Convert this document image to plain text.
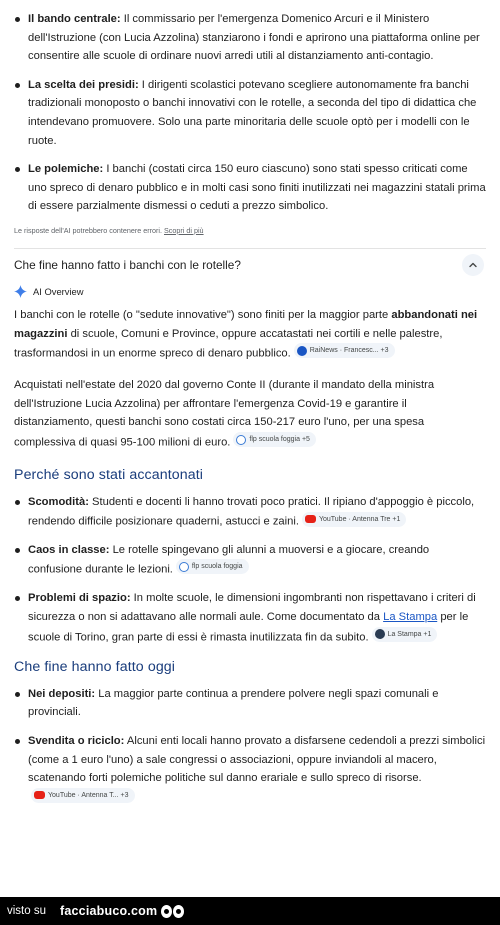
Il bando centrale: Il commissario per l'emergenza Domenico Arcuri e il Ministero dell'Istruzione (con Lucia Azzolina) stanziarono i fondi e aprirono una piattaforma online per consentire alle scuole di ordinare nuovi arredi utili al distanziamento anti-contagio.
La scelta dei presidi: I dirigenti scolastici potevano scegliere autonomamente fra banchi tradizionali monoposto o banchi innovativi con le rotelle, a seconda del tipo di didattica che intendevano promuovere. Solo una parte minoritaria delle scuole optò per i modelli con le ruote.
Le polemiche: I banchi (costati circa 150 euro ciascuno) sono stati spesso criticati come uno spreco di denaro pubblico e in molti casi sono finiti inutilizzati nei magazzini statali prima di essere parzialmente dismessi o ceduti a prezzo simbolico.
Le risposte dell'AI potrebbero contenere errori. Scopri di più
Che fine hanno fatto i banchi con le rotelle?
AI Overview

I banchi con le rotelle (o "sedute innovative") sono finiti per la maggior parte abbandonati nei magazzini di scuole, Comuni e Province, oppure accatastati nei cortili e nelle palestre, trasformandosi in un enorme spreco di denaro pubblico.	RaiNews · Francesc... +3

Acquistati nell'estate del 2020 dal governo Conte II (durante il mandato della ministra dell'Istruzione Lucia Azzolina) per affrontare l'emergenza Covid-19 e garantire il distanziamento, questi banchi sono costati circa 150-217 euro l'uno, per una spesa complessiva di quasi 95-100 milioni di euro.	flp scuola foggia +5

Perché sono stati accantonati
Scomodità: Studenti e docenti li hanno trovati poco pratici. Il ripiano d'appoggio è piccolo, rendendo difficile posizionare quaderni, astucci e zaini.	YouTube · Antenna Tre +1
Caos in classe: Le rotelle spingevano gli alunni a muoversi e a giocare, creando confusione durante le lezioni.	flp scuola foggia
Problemi di spazio: In molte scuole, le dimensioni ingombranti non rispettavano i criteri di sicurezza o non si adattavano alle normali aule. Come documentato da La Stampa per le scuole di Torino, gran parte di essi è rimasta inutilizzata fin da subito.	La Stampa +1
Che fine hanno fatto oggi
Nei depositi: La maggior parte continua a prendere polvere negli spazi comunali e provinciali.
Svendita o riciclo: Alcuni enti locali hanno provato a disfarsene cedendoli a prezzi simbolici (come a 1 euro l'uno) a sale congressi o associazioni, oppure inviandoli al macero, scatenando forti polemiche politiche sul danno erariale e sullo spreco di risorse.
YouTube · Antenna T... +3
visto su facciabuco.com
